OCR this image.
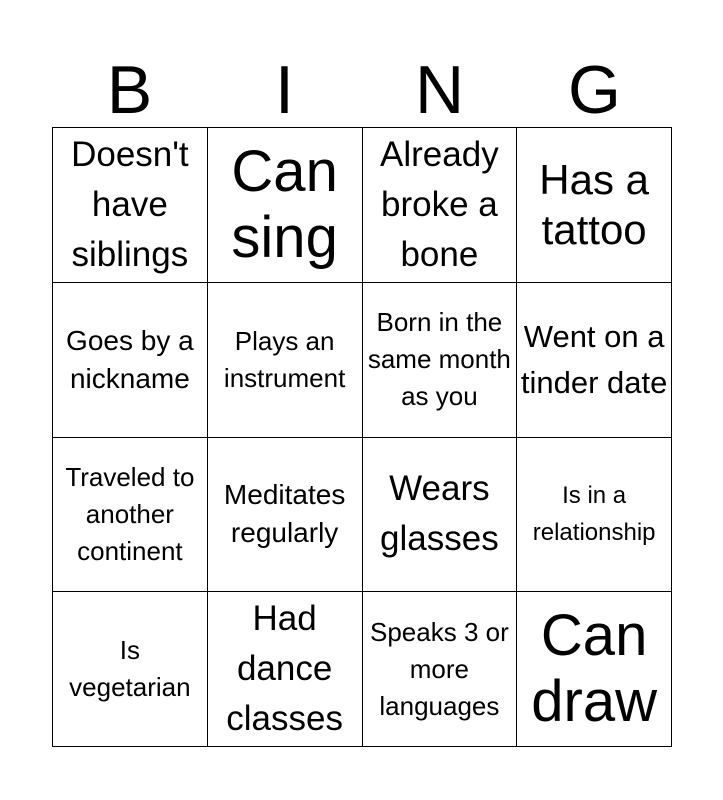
B	I	N	G
Doesn't have siblings
Can sing
Already broke a bone
Has a tattoo
Goes by a nickname
Plays an instrument
Born in the same month as you
Went on a tinder date
Traveled to another continent
Meditates regularly
Wears glasses
Is in a relationship
Is vegetarian
Had dance classes
Speaks 3 or more languages
Can draw
